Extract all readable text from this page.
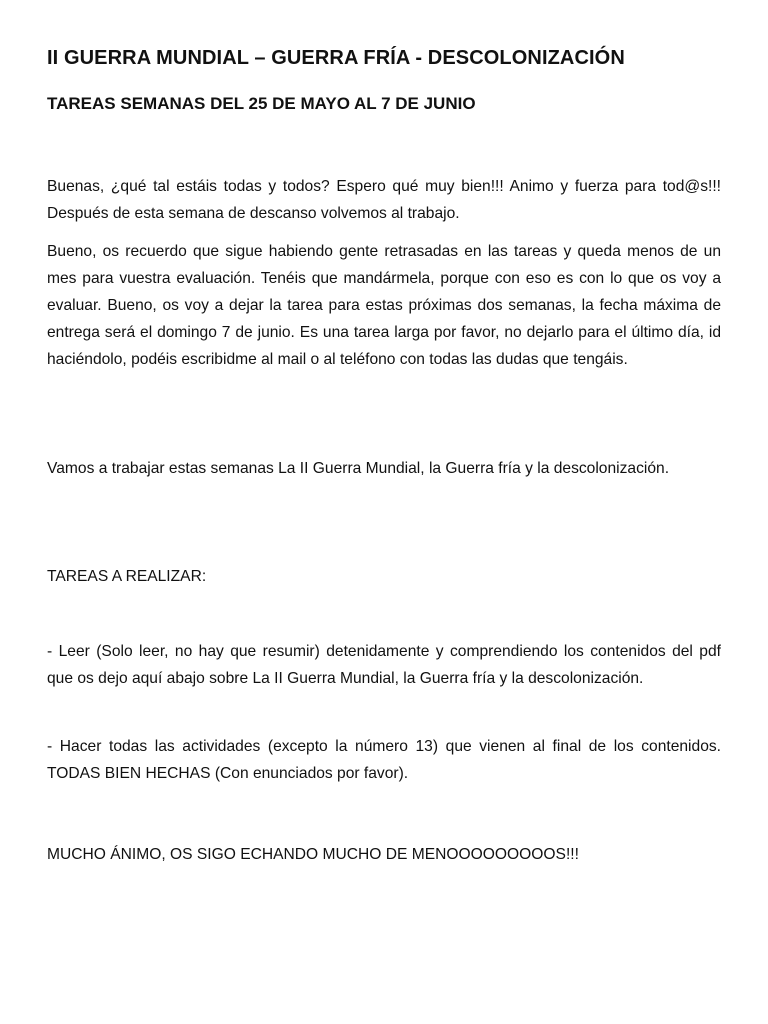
II GUERRA MUNDIAL – GUERRA FRÍA - DESCOLONIZACIÓN
TAREAS SEMANAS DEL 25 DE MAYO AL 7 DE JUNIO

Buenas, ¿qué tal estáis todas y todos? Espero qué muy bien!!! Animo y fuerza para tod@s!!! Después de esta semana de descanso volvemos al trabajo.

Bueno, os recuerdo que sigue habiendo gente retrasadas en las tareas y queda menos de un mes para vuestra evaluación. Tenéis que mandármela, porque con eso es con lo que os voy a evaluar. Bueno, os voy a dejar la tarea para estas próximas dos semanas, la fecha máxima de entrega será el domingo 7 de junio. Es una tarea larga por favor, no dejarlo para el último día, id haciéndolo, podéis escribidme al mail o al teléfono con todas las dudas que tengáis.

Vamos a trabajar estas semanas La II Guerra Mundial, la Guerra fría y la descolonización.

TAREAS A REALIZAR:

- Leer (Solo leer, no hay que resumir) detenidamente y comprendiendo los contenidos del pdf que os dejo aquí abajo sobre La II Guerra Mundial, la Guerra fría y la descolonización.

- Hacer todas las actividades (excepto la número 13) que vienen al final de los contenidos. TODAS BIEN HECHAS (Con enunciados por favor).

MUCHO ÁNIMO, OS SIGO ECHANDO MUCHO DE MENOOOOOOOOOS!!!
